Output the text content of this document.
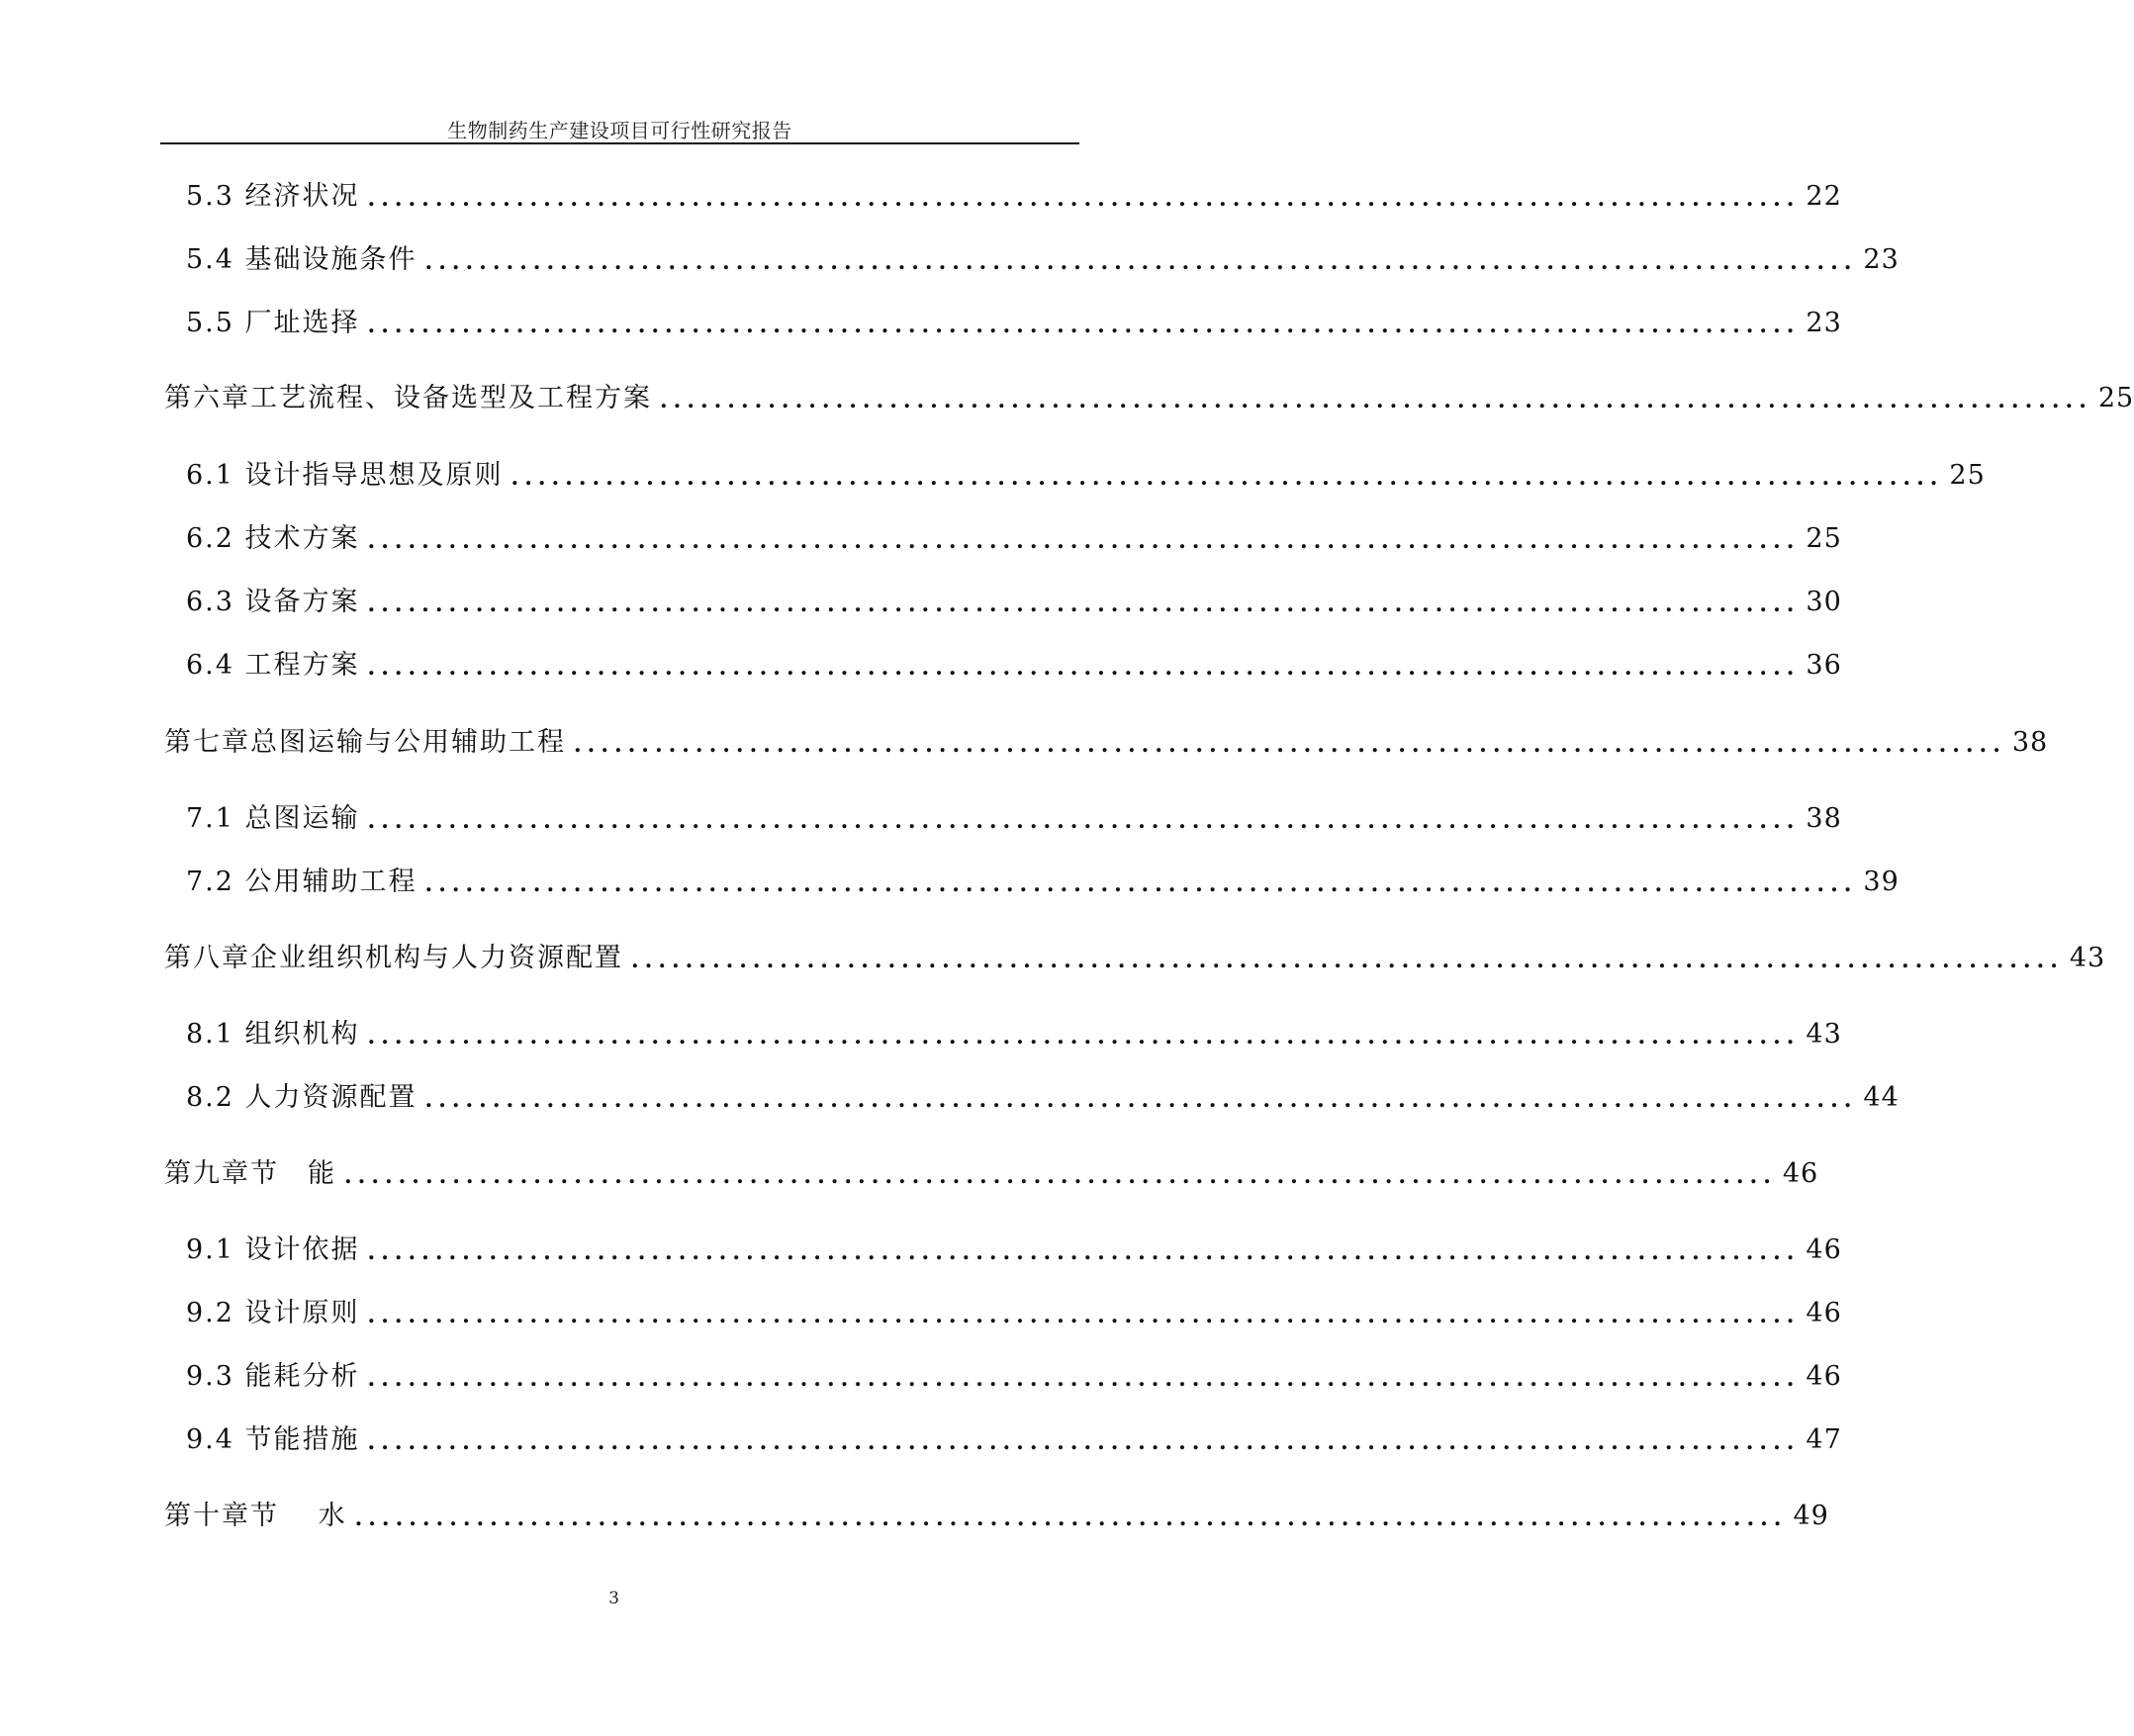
生物制药生产建设项目可行性研究报告
5.3 经济状况 .......................................................................................................... 22
5.4 基础设施条件 .......................................................................................................... 23
5.5 厂址选择 .......................................................................................................... 23
第六章 工艺流程、设备选型及工程方案 .......................................................................................................... 25
6.1 设计指导思想及原则 .......................................................................................................... 25
6.2 技术方案 .......................................................................................................... 25
6.3 设备方案 .......................................................................................................... 30
6.4 工程方案 .......................................................................................................... 36
第七章 总图运输与公用辅助工程 .......................................................................................................... 38
7.1 总图运输 .......................................................................................................... 38
7.2 公用辅助工程 .......................................................................................................... 39
第八章 企业组织机构与人力资源配置 .......................................................................................................... 43
8.1 组织机构 .......................................................................................................... 43
8.2 人力资源配置 .......................................................................................................... 44
第九章 节　能 .......................................................................................................... 46
9.1 设计依据 .......................................................................................................... 46
9.2 设计原则 .......................................................................................................... 46
9.3 能耗分析 .......................................................................................................... 46
9.4 节能措施 .......................................................................................................... 47
第十章 节　 水 .......................................................................................................... 49
3
